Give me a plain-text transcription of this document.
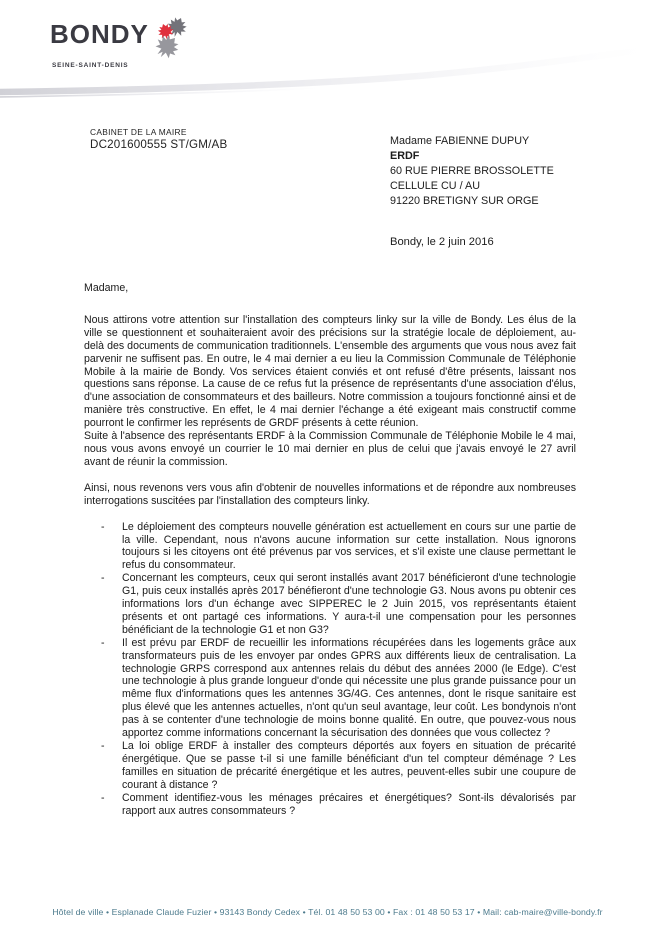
BONDY
SEINE-SAINT-DENIS
CABINET DE LA MAIRE
DC201600555 ST/GM/AB	Madame FABIENNE DUPUY
ERDF
60 RUE PIERRE BROSSOLETTE
CELLULE CU / AU
91220 BRETIGNY SUR ORGE
Bondy, le 2 juin 2016
Madame,

Nous attirons votre attention sur l'installation des compteurs linky sur la ville de Bondy. Les élus de la ville se questionnent et souhaiteraient avoir des précisions sur la stratégie locale de déploiement, au-delà des documents de communication traditionnels. L'ensemble des arguments que vous nous avez fait parvenir ne suffisent pas. En outre, le 4 mai dernier a eu lieu la Commission Communale de Téléphonie Mobile à la mairie de Bondy. Vos services étaient conviés et ont refusé d'être présents, laissant nos questions sans réponse. La cause de ce refus fut la présence de représentants d'une association d'élus, d'une association de consommateurs et des bailleurs. Notre commission a toujours fonctionné ainsi et de manière très constructive. En effet, le 4 mai dernier l'échange a été exigeant mais constructif comme pourront le confirmer les représents de GRDF présents à cette réunion.

Suite à l'absence des représentants ERDF à la Commission Communale de Téléphonie Mobile le 4 mai, nous vous avons envoyé un courrier le 10 mai dernier en plus de celui que j'avais envoyé le 27 avril avant de réunir la commission.

Ainsi, nous revenons vers vous afin d'obtenir de nouvelles informations et de répondre aux nombreuses interrogations suscitées par l'installation des compteurs linky.

-	Le déploiement des compteurs nouvelle génération est actuellement en cours sur une partie de la ville. Cependant, nous n'avons aucune information sur cette installation. Nous ignorons toujours si les citoyens ont été prévenus par vos services, et s'il existe une clause permettant le refus du consommateur.
-	Concernant les compteurs, ceux qui seront installés avant 2017 bénéficieront d'une technologie G1, puis ceux installés après 2017 bénéfieront d'une technologie G3. Nous avons pu obtenir ces informations lors d'un échange avec SIPPEREC le 2 Juin 2015, vos représentants étaient présents et ont partagé ces informations. Y aura-t-il une compensation pour les personnes bénéficiant de la technologie G1 et non G3?
-	Il est prévu par ERDF de recueillir les informations récupérées dans les logements grâce aux transformateurs puis de les envoyer par ondes GPRS aux différents lieux de centralisation. La technologie GRPS correspond aux antennes relais du début des années 2000 (le Edge). C'est une technologie à plus grande longueur d'onde qui nécessite une plus grande puissance pour un même flux d'informations ques les antennes 3G/4G. Ces antennes, dont le risque sanitaire est plus élevé que les antennes actuelles, n'ont qu'un seul avantage, leur coût. Les bondynois n'ont pas à se contenter d'une technologie de moins bonne qualité. En outre, que pouvez-vous nous apportez comme informations concernant la sécurisation des données que vous collectez ?
-	La loi oblige ERDF à installer des compteurs déportés aux foyers en situation de précarité énergétique. Que se passe t-il si une famille bénéficiant d'un tel compteur déménage ? Les familles en situation de précarité énergétique et les autres, peuvent-elles subir une coupure de courant à distance ?
-	Comment identifiez-vous les ménages précaires et énergétiques? Sont-ils dévalorisés par rapport aux autres consommateurs ?
Hôtel de ville • Esplanade Claude Fuzier • 93143 Bondy Cedex • Tél. 01 48 50 53 00 • Fax : 01 48 50 53 17 • Mail: cab-maire@ville-bondy.fr
